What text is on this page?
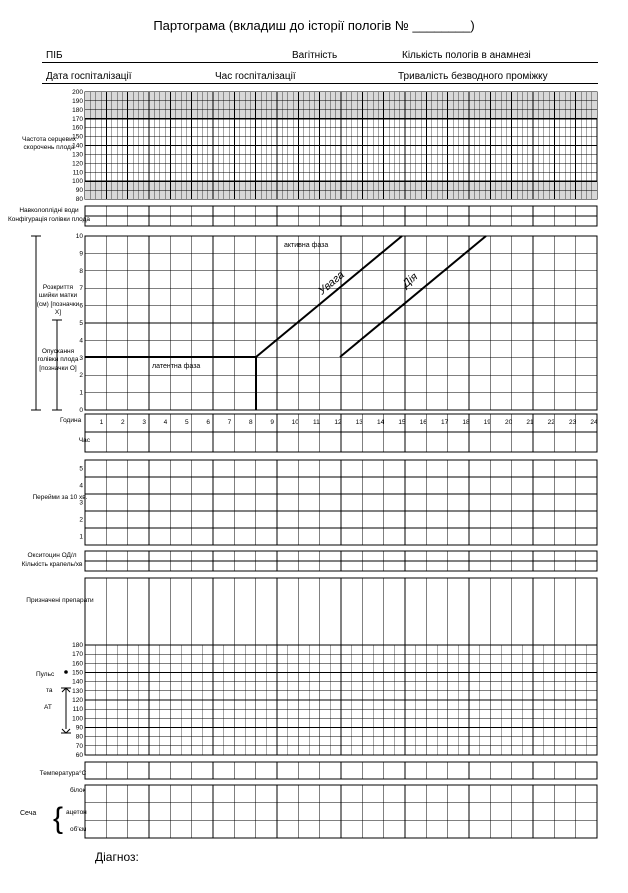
Партограма (вкладиш до історії пологів № ________)
ПІБ	Вагітність	Кількість пологів в анамнезі
Дата госпіталізації	Час госпіталізації	Тривалість безводного проміжку
Частота серцевих скорочень плода
Навколоплідні води
Конфігурація голівки плода
Розкриття шийки матки (см) [позначки X]
Опускання голівки плода [позначки О]
Година
Час
Перейми за 10 хв.
Окситоцин ОД/л
Кількість крапель/хв
Призначені препарати
Пульс
та
АТ
Температура°С
Сеча
білок
ацетон
об'єм
Діагноз:
200
190
180
170
160
150
140
130
120
110
100
90
80
10
9
8
7
6
5
4
3
2
1
0
1	2	3	4	5	6	7	8	9	10 11 12 13 14 15 16 17 18 19 20 21 22 23 24
5
4
3
2
1
180
170
160
150
140
130
120
110
100
90
80
70
60
{
активна фаза
латентна фаза
Увага	Дія
